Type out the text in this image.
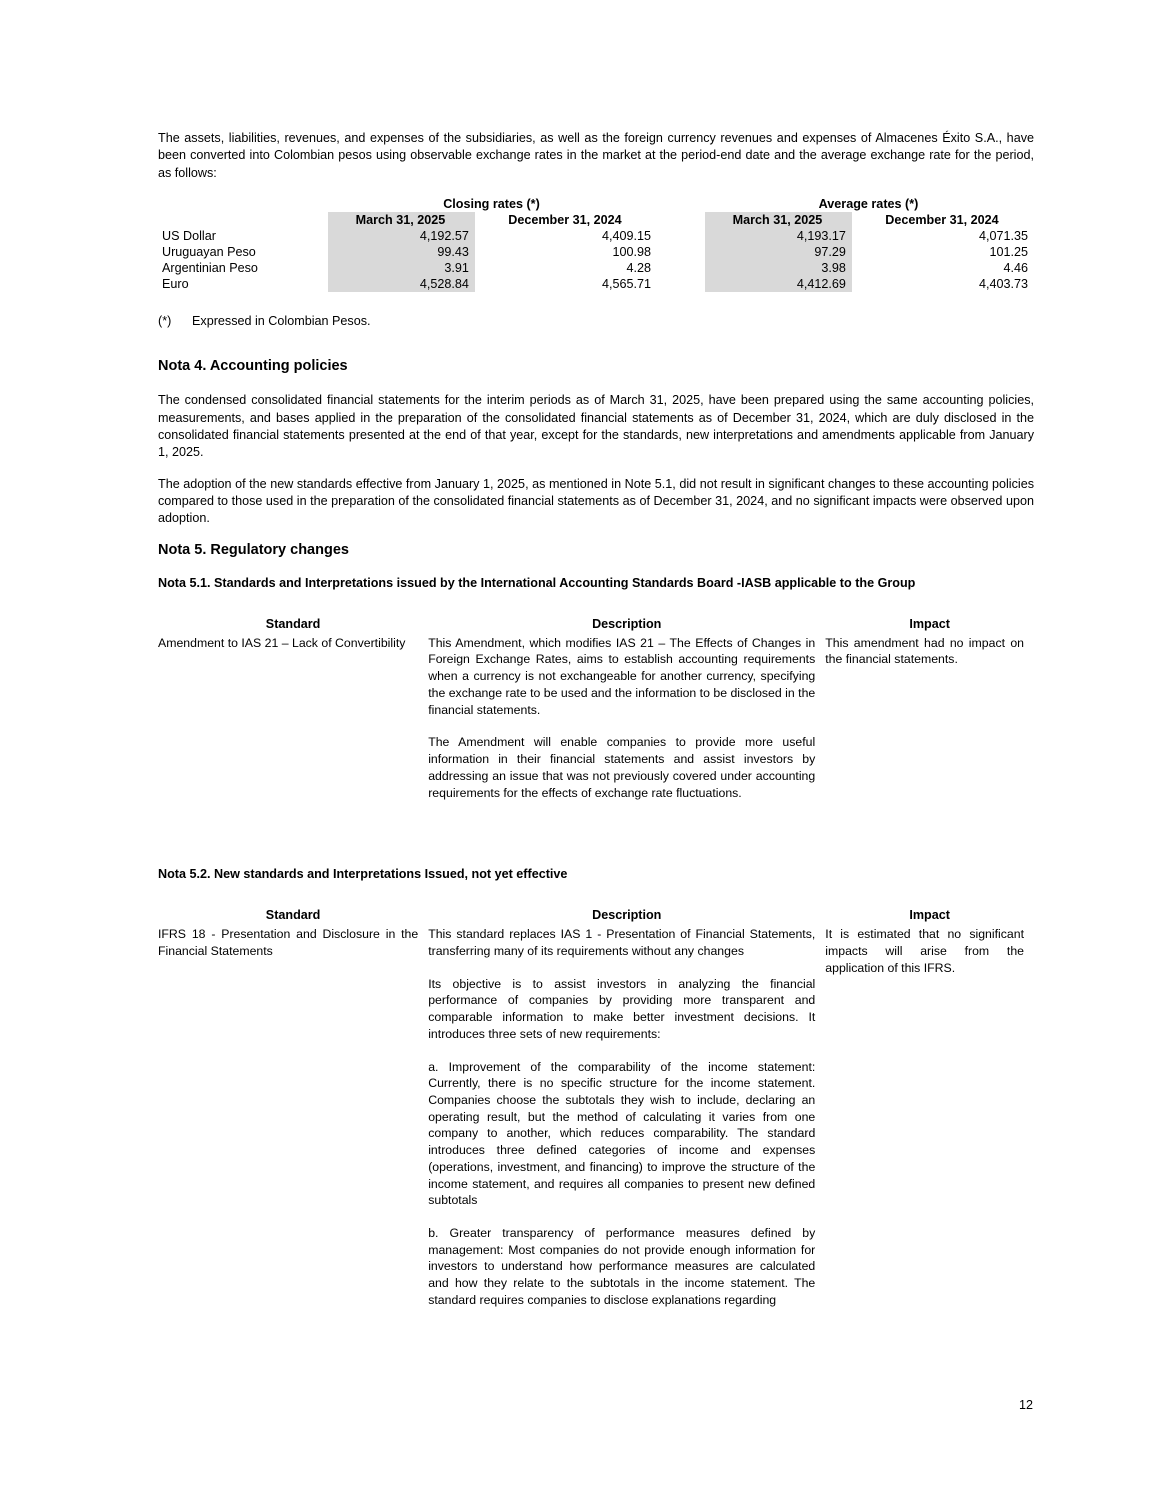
The assets, liabilities, revenues, and expenses of the subsidiaries, as well as the foreign currency revenues and expenses of Almacenes Éxito S.A., have been converted into Colombian pesos using observable exchange rates in the market at the period-end date and the average exchange rate for the period, as follows:

	Closing rates (*)			Average rates (*)	
	March 31, 2025	December 31, 2024		March 31, 2025	December 31, 2024
US Dollar	4,192.57	4,409.15		4,193.17	4,071.35
Uruguayan Peso	99.43	100.98		97.29	101.25
Argentinian Peso	3.91	4.28		3.98	4.46
Euro	4,528.84	4,565.71		4,412.69	4,403.73
(*) Expressed in Colombian Pesos.
Nota 4. Accounting policies

The condensed consolidated financial statements for the interim periods as of March 31, 2025, have been prepared using the same accounting policies, measurements, and bases applied in the preparation of the consolidated financial statements as of December 31, 2024, which are duly disclosed in the consolidated financial statements presented at the end of that year, except for the standards, new interpretations and amendments applicable from January 1, 2025.

The adoption of the new standards effective from January 1, 2025, as mentioned in Note 5.1, did not result in significant changes to these accounting policies compared to those used in the preparation of the consolidated financial statements as of December 31, 2024, and no significant impacts were observed upon adoption.

Nota 5. Regulatory changes
Nota 5.1. Standards and Interpretations issued by the International Accounting Standards Board -IASB applicable to the Group
Standard	Description	Impact
Amendment to IAS 21 – Lack of Convertibility	This Amendment, which modifies IAS 21 – The Effects of Changes in Foreign Exchange Rates, aims to establish accounting requirements when a currency is not exchangeable for another currency, specifying the exchange rate to be used and the information to be disclosed in the financial statements.

The Amendment will enable companies to provide more useful information in their financial statements and assist investors by addressing an issue that was not previously covered under accounting requirements for the effects of exchange rate fluctuations.	This amendment had no impact on the financial statements.
Nota 5.2. New standards and Interpretations Issued, not yet effective
Standard	Description	Impact
IFRS 18 - Presentation and Disclosure in the Financial Statements	This standard replaces IAS 1 - Presentation of Financial Statements, transferring many of its requirements without any changes

Its objective is to assist investors in analyzing the financial performance of companies by providing more transparent and comparable information to make better investment decisions. It introduces three sets of new requirements:

a. Improvement of the comparability of the income statement: Currently, there is no specific structure for the income statement. Companies choose the subtotals they wish to include, declaring an operating result, but the method of calculating it varies from one company to another, which reduces comparability. The standard introduces three defined categories of income and expenses (operations, investment, and financing) to improve the structure of the income statement, and requires all companies to present new defined subtotals

b. Greater transparency of performance measures defined by management: Most companies do not provide enough information for investors to understand how performance measures are calculated and how they relate to the subtotals in the income statement. The standard requires companies to disclose explanations regarding	It is estimated that no significant impacts will arise from the application of this IFRS.
12
